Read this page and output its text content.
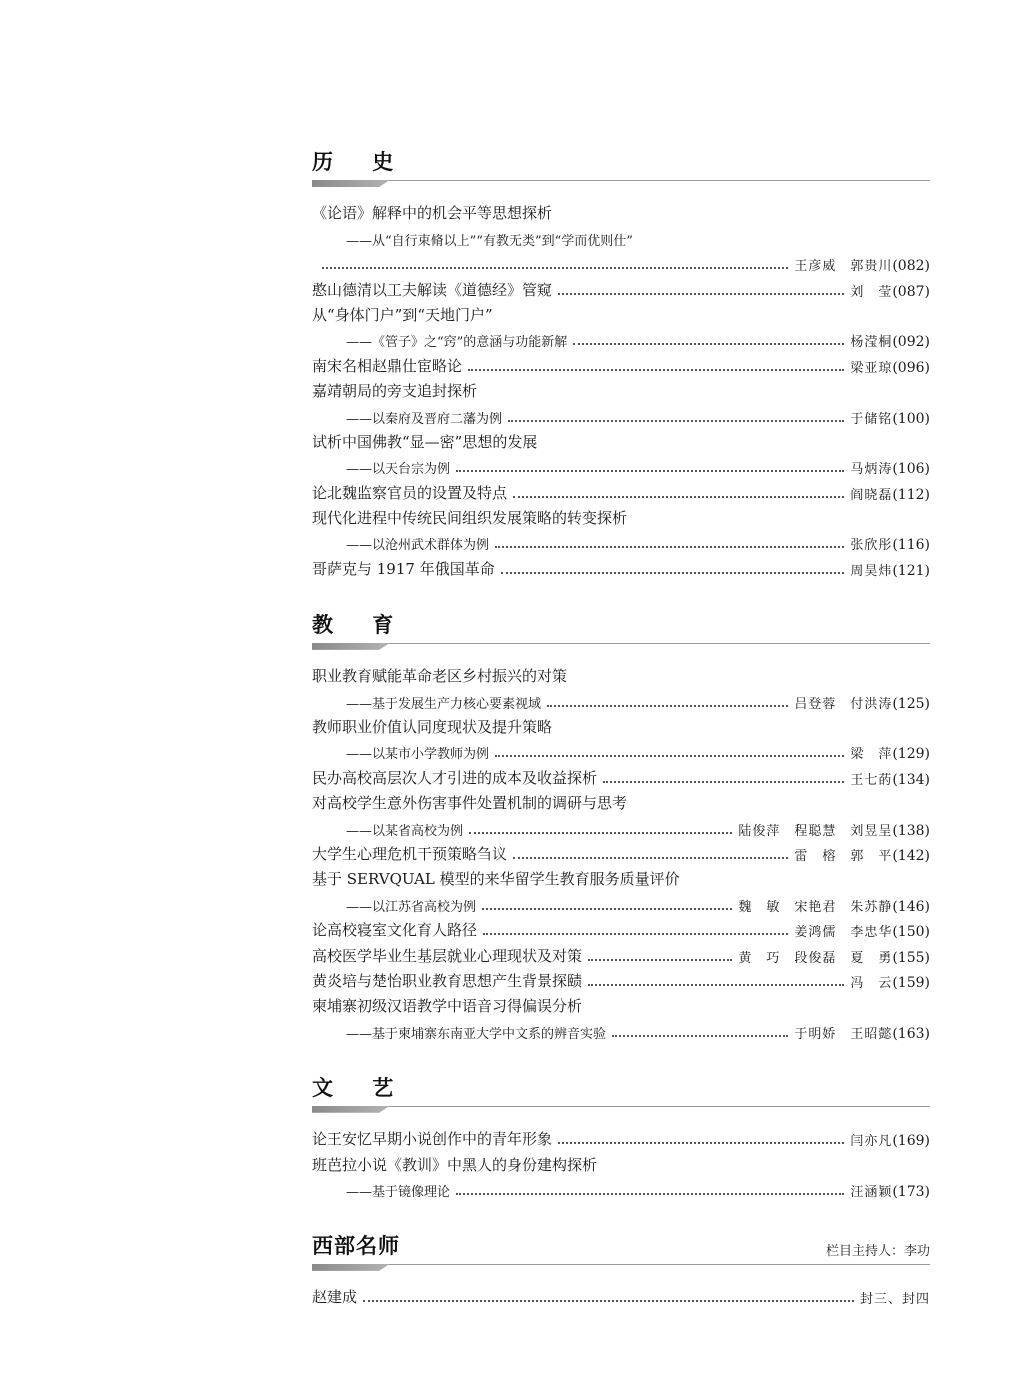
历 史
《论语》解释中的机会平等思想探析
——从“自行束脩以上”“有教无类”到“学而优则仕”
王彦威　郭贵川(082)
憨山德清以工夫解读《道德经》管窥	刘　莹(087)
从“身体门户”到“天地门户”
——《管子》之“窍”的意涵与功能新解	杨滢桐(092)
南宋名相赵鼎仕宦略论	梁亚琼(096)
嘉靖朝局的旁支追封探析
——以秦府及晋府二藩为例	于储铭(100)
试析中国佛教“显—密”思想的发展
——以天台宗为例	马炳涛(106)
论北魏监察官员的设置及特点	阎晓磊(112)
现代化进程中传统民间组织发展策略的转变探析
——以沧州武术群体为例	张欣彤(116)
哥萨克与 1917 年俄国革命	周昊炜(121)
教 育
职业教育赋能革命老区乡村振兴的对策
——基于发展生产力核心要素视域	吕登蓉　付洪涛(125)
教师职业价值认同度现状及提升策略
——以某市小学教师为例	梁　萍(129)
民办高校高层次人才引进的成本及收益探析	王七菂(134)
对高校学生意外伤害事件处置机制的调研与思考
——以某省高校为例	陆俊萍　程聪慧　刘昱呈(138)
大学生心理危机干预策略刍议	雷　榕　郭　平(142)
基于 SERVQUAL 模型的来华留学生教育服务质量评价
——以江苏省高校为例	魏　敏　宋艳君　朱苏静(146)
论高校寝室文化育人路径	姜鸿儒　李忠华(150)
高校医学毕业生基层就业心理现状及对策	黄　巧　段俊磊　夏　勇(155)
黄炎培与楚怡职业教育思想产生背景探赜	冯　云(159)
柬埔寨初级汉语教学中语音习得偏误分析
——基于柬埔寨东南亚大学中文系的辨音实验	于明娇　王昭懿(163)
文 艺
论王安忆早期小说创作中的青年形象	闫亦凡(169)
班芭拉小说《教训》中黑人的身份建构探析
——基于镜像理论	汪涵颖(173)
西部名师	栏目主持人：李功
赵建成	封三、封四
